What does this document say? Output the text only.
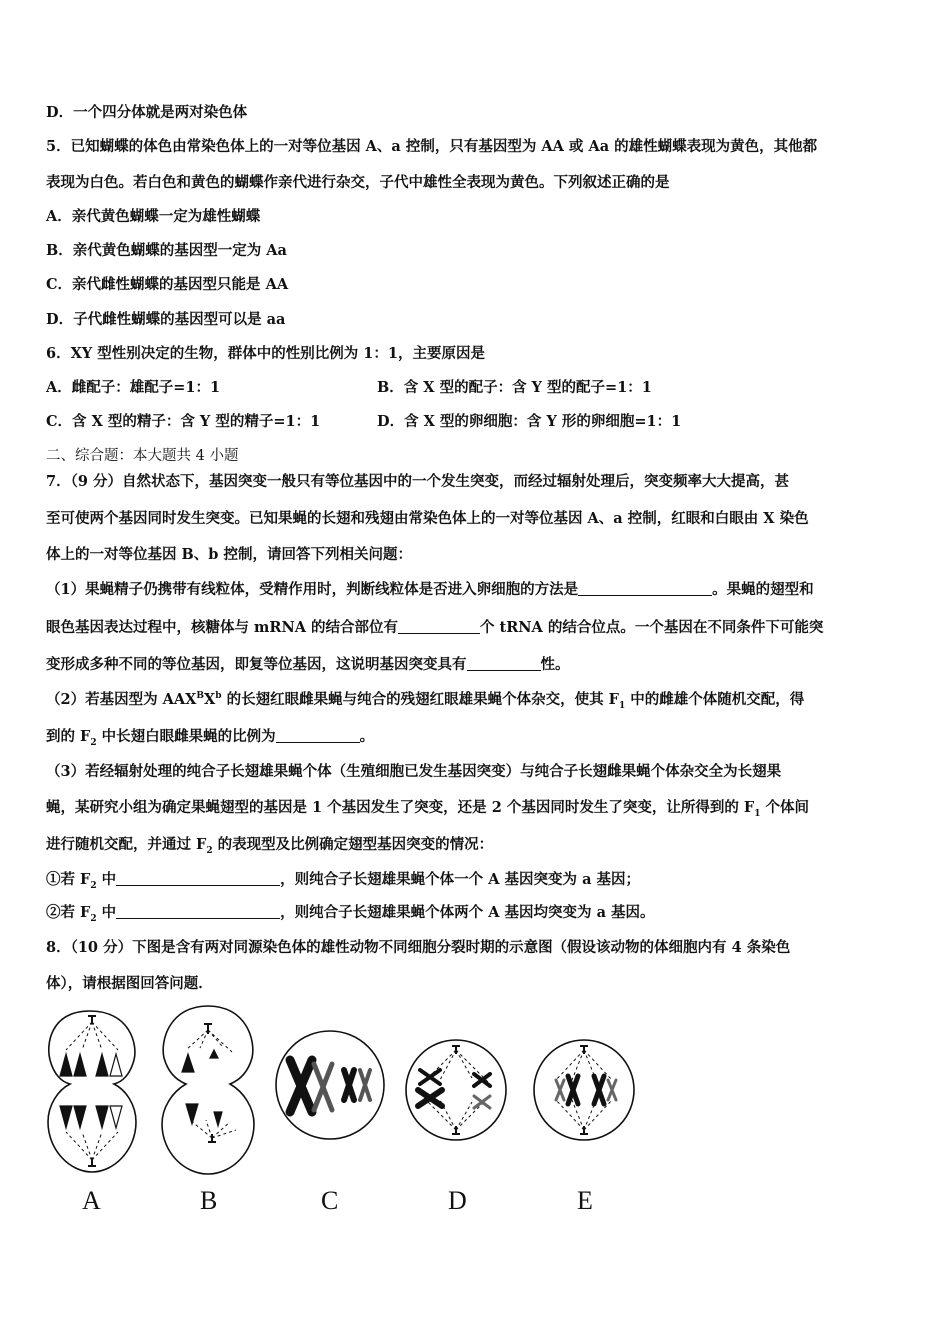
D．一个四分体就是两对染色体
5．已知蝴蝶的体色由常染色体上的一对等位基因 A、a 控制，只有基因型为 AA 或 Aa 的雄性蝴蝶表现为黄色，其他都
表现为白色。若白色和黄色的蝴蝶作亲代进行杂交，子代中雄性全表现为黄色。下列叙述正确的是
A．亲代黄色蝴蝶一定为雄性蝴蝶
B．亲代黄色蝴蝶的基因型一定为 Aa
C．亲代雌性蝴蝶的基因型只能是 AA
D．子代雌性蝴蝶的基因型可以是 aa
6．XY 型性别决定的生物，群体中的性别比例为 1：1，主要原因是
A．雌配子：雄配子=1：1	B．含 X 型的配子：含 Y 型的配子=1：1
C．含 X 型的精子：含 Y 型的精子=1：1	D．含 X 型的卵细胞：含 Y 形的卵细胞=1：1
二、综合题：本大题共 4 小题
7．（9 分）自然状态下，基因突变一般只有等位基因中的一个发生突变，而经过辐射处理后，突变频率大大提高，甚
至可使两个基因同时发生突变。已知果蝇的长翅和残翅由常染色体上的一对等位基因 A、a 控制，红眼和白眼由 X 染色
体上的一对等位基因 B、b 控制，请回答下列相关问题：
（1）果蝇精子仍携带有线粒体，受精作用时，判断线粒体是否进入卵细胞的方法是	。果蝇的翅型和
眼色基因表达过程中，核糖体与 mRNA 的结合部位有	个 tRNA 的结合位点。一个基因在不同条件下可能突
变形成多种不同的等位基因，即复等位基因，这说明基因突变具有	性。
（2）若基因型为 $AAX^BX^b$ 的长翅红眼雌果蝇与纯合的残翅红眼雄果蝇个体杂交，使其 $F_1$ 中的雌雄个体随机交配，得
到的 $F_2$ 中长翅白眼雌果蝇的比例为	。
（3）若经辐射处理的纯合子长翅雄果蝇个体（生殖细胞已发生基因突变）与纯合子长翅雌果蝇个体杂交全为长翅果
蝇，某研究小组为确定果蝇翅型的基因是 1 个基因发生了突变，还是 2 个基因同时发生了突变，让所得到的 $F_1$ 个体间
进行随机交配，并通过 $F_2$ 的表现型及比例确定翅型基因突变的情况：
①若 $F_2$ 中	，则纯合子长翅雄果蝇个体一个 A 基因突变为 a 基因；
②若 $F_2$ 中	，则纯合子长翅雄果蝇个体两个 A 基因均突变为 a 基因。
8．（10 分）下图是含有两对同源染色体的雄性动物不同细胞分裂时期的示意图（假设该动物的体细胞内有 4 条染色
体），请根据图回答问题．
A	B	C	D	E
